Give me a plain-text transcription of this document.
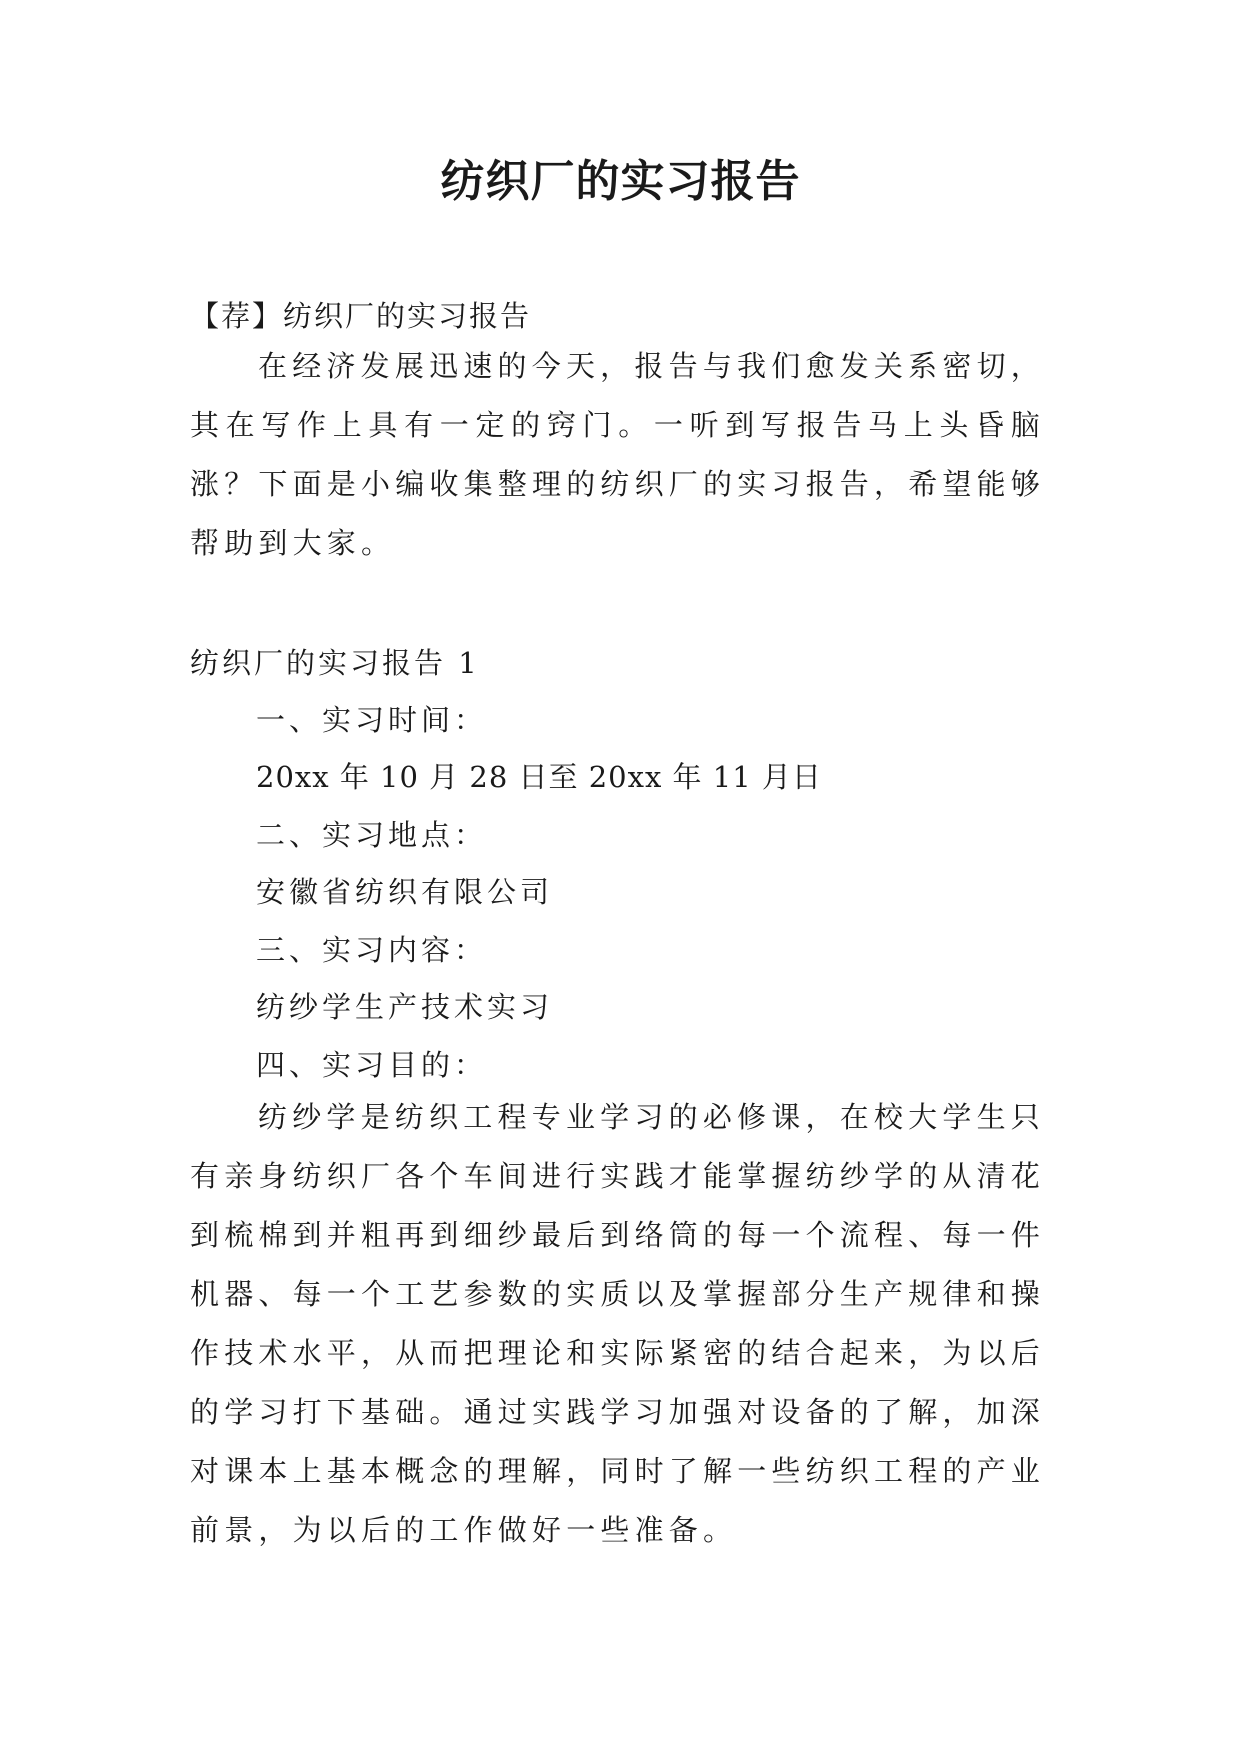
纺织厂的实习报告
【荐】纺织厂的实习报告
在经济发展迅速的今天，报告与我们愈发关系密切，其在写作上具有一定的窍门。一听到写报告马上头昏脑涨？下面是小编收集整理的纺织厂的实习报告，希望能够帮助到大家。
纺织厂的实习报告 1
一、实习时间：
20xx 年 10 月 28 日至 20xx 年 11 月日
二、实习地点：
安徽省纺织有限公司
三、实习内容：
纺纱学生产技术实习
四、实习目的：
纺纱学是纺织工程专业学习的必修课，在校大学生只有亲身纺织厂各个车间进行实践才能掌握纺纱学的从清花到梳棉到并粗再到细纱最后到络筒的每一个流程、每一件机器、每一个工艺参数的实质以及掌握部分生产规律和操作技术水平，从而把理论和实际紧密的结合起来，为以后的学习打下基础。通过实践学习加强对设备的了解，加深对课本上基本概念的理解，同时了解一些纺织工程的产业前景，为以后的工作做好一些准备。
